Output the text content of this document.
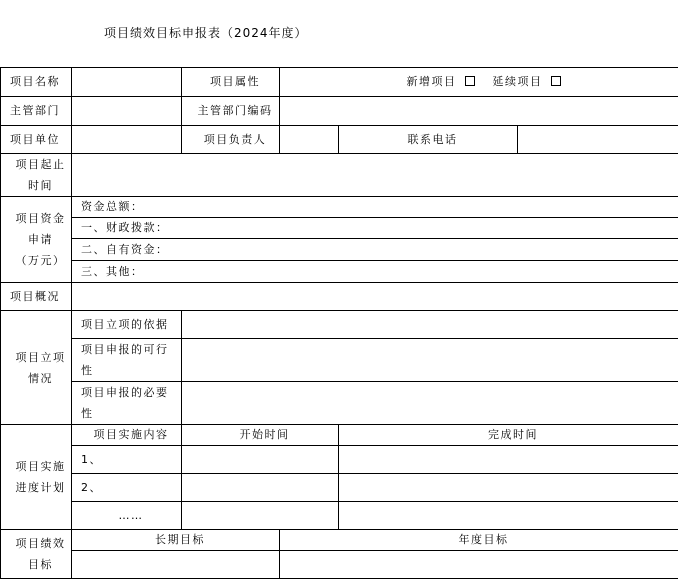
项目绩效目标申报表（2024年度）
项目名称		项目属性	新增项目 延续项目		
主管部门		主管部门编码			
项目单位		项目负责人		联系电话	

项目起止
时间					

项目资金
申请
（万元）	资金总额：				
	一、财政拨款：				
	二、自有资金：				
	三、其他：				
项目概况					

项目立项
情况	项目立项的依据				

	项目申报的可行
性				

	项目申报的必要
性				

项目实施
进度计划	项目实施内容	开始时间		完成时间	
	1、				
	2、				
	……				

项目绩效
目标	长期目标		年度目标		
